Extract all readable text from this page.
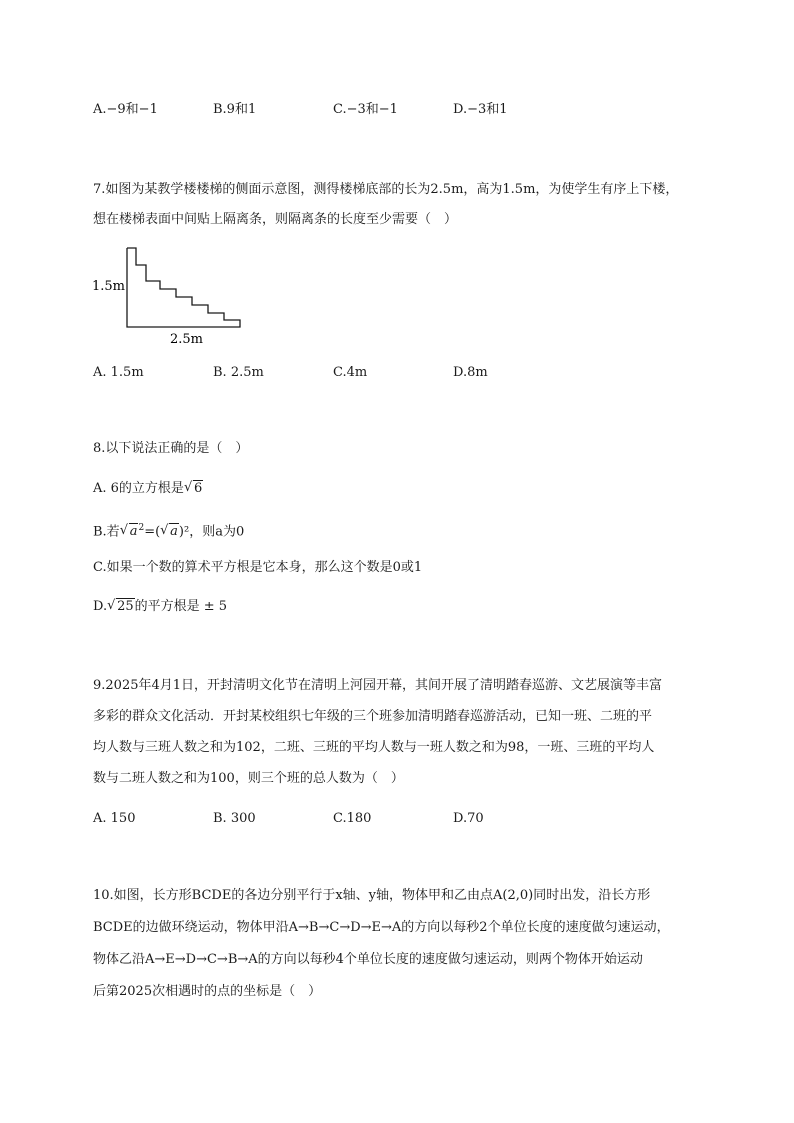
A.−9和−1	B.9和1	C.−3和−1	D.−3和1
7.如图为某教学楼楼梯的侧面示意图，测得楼梯底部的长为2.5m，高为1.5m，为使学生有序上下楼，
想在楼梯表面中间贴上隔离条，则隔离条的长度至少需要（　）
1.5m
2.5m
A. 1.5m	B. 2.5m	C.4m	D.8m
8.以下说法正确的是（　）
A. 6的立方根是√ 6
B.若√ $a^2=(√$ a)²，则a为0
C.如果一个数的算术平方根是它本身，那么这个数是0或1
D.√ 25的平方根是 ± 5
9.2025年4月1日，开封清明文化节在清明上河园开幕，其间开展了清明踏春巡游、文艺展演等丰富
多彩的群众文化活动．开封某校组织七年级的三个班参加清明踏春巡游活动，已知一班、二班的平
均人数与三班人数之和为102，二班、三班的平均人数与一班人数之和为98，一班、三班的平均人
数与二班人数之和为100，则三个班的总人数为（　）
A. 150	B. 300	C.180	D.70
10.如图，长方形BCDE的各边分别平行于x轴、y轴，物体甲和乙由点A(2,0)同时出发，沿长方形
BCDE的边做环绕运动，物体甲沿A→B→C→D→E→A的方向以每秒2个单位长度的速度做匀速运动，
物体乙沿A→E→D→C→B→A的方向以每秒4个单位长度的速度做匀速运动，则两个物体开始运动
后第2025次相遇时的点的坐标是（　）
